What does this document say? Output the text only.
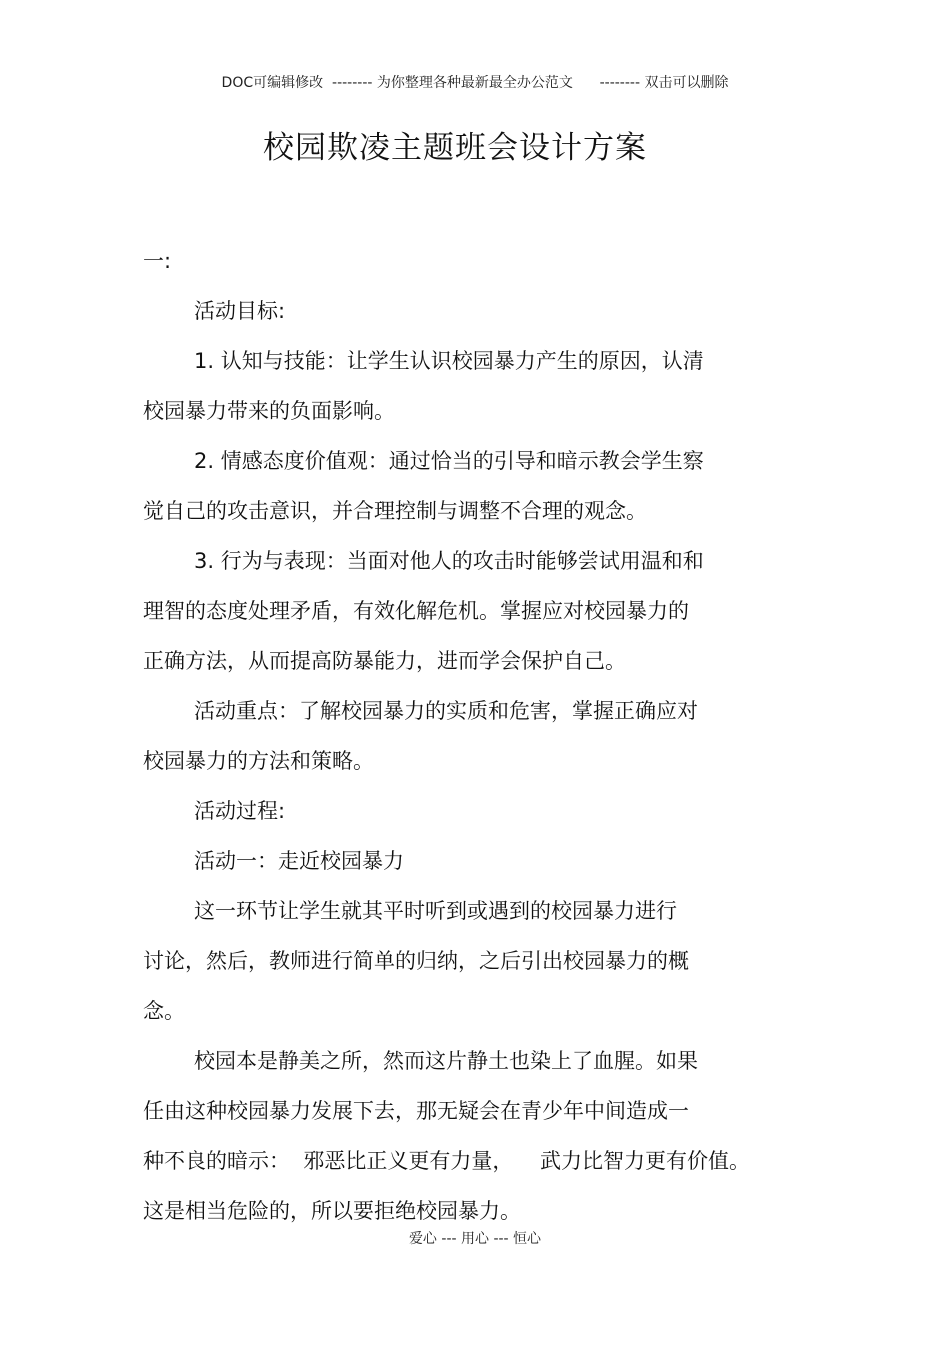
DOC可编辑修改  -------- 为你整理各种最新最全办公范文      -------- 双击可以删除
校园欺凌主题班会设计方案
一:
活动目标:
1. 认知与技能：让学生认识校园暴力产生的原因，认清
校园暴力带来的负面影响。
2. 情感态度价值观：通过恰当的引导和暗示教会学生察
觉自己的攻击意识，并合理控制与调整不合理的观念。
3. 行为与表现：当面对他人的攻击时能够尝试用温和和
理智的态度处理矛盾，有效化解危机。掌握应对校园暴力的
正确方法，从而提高防暴能力，进而学会保护自己。
活动重点：了解校园暴力的实质和危害，掌握正确应对
校园暴力的方法和策略。
活动过程:
活动一：走近校园暴力
这一环节让学生就其平时听到或遇到的校园暴力进行
讨论，然后，教师进行简单的归纳，之后引出校园暴力的概
念。
校园本是静美之所，然而这片静土也染上了血腥。如果
任由这种校园暴力发展下去，那无疑会在青少年中间造成一
种不良的暗示：  邪恶比正义更有力量，    武力比智力更有价值。
这是相当危险的，所以要拒绝校园暴力。
爱心 --- 用心 --- 恒心
